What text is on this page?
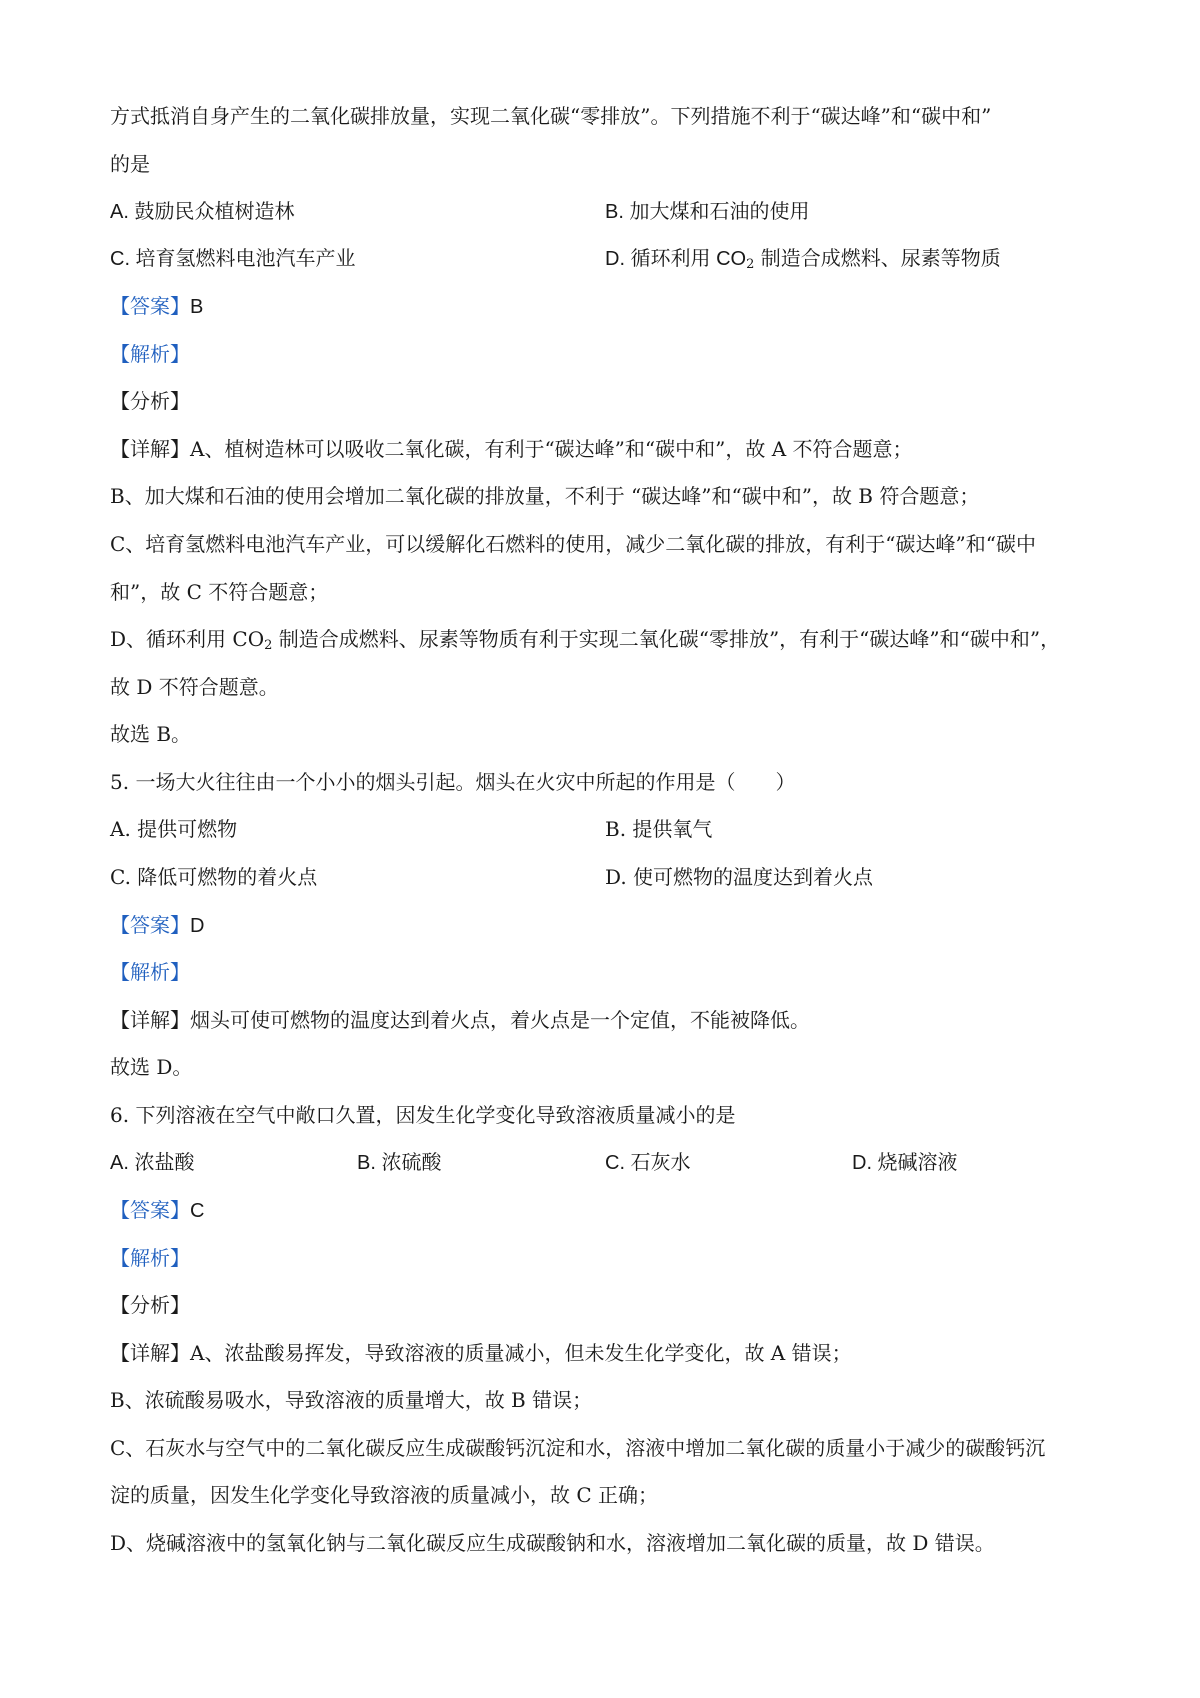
方式抵消自身产生的二氧化碳排放量，实现二氧化碳“零排放”。下列措施不利于“碳达峰”和“碳中和”
的是
A. 鼓励民众植树造林	B. 加大煤和石油的使用
C. 培育氢燃料电池汽车产业	D. 循环利用 $CO_2$ 制造合成燃料、尿素等物质
【答案】B
【解析】
【分析】
【详解】A、植树造林可以吸收二氧化碳，有利于“碳达峰”和“碳中和”，故 A 不符合题意；
B、加大煤和石油的使用会增加二氧化碳的排放量，不利于 “碳达峰”和“碳中和”，故 B 符合题意；
C、培育氢燃料电池汽车产业，可以缓解化石燃料的使用，减少二氧化碳的排放，有利于“碳达峰”和“碳中
和”，故 C 不符合题意；
D、循环利用 $CO_2$ 制造合成燃料、尿素等物质有利于实现二氧化碳“零排放”，有利于“碳达峰”和“碳中和”，
故 D 不符合题意。
故选 B。
5. 一场大火往往由一个小小的烟头引起。烟头在火灾中所起的作用是（　　）
A. 提供可燃物	B. 提供氧气
C. 降低可燃物的着火点	D. 使可燃物的温度达到着火点
【答案】D
【解析】
【详解】烟头可使可燃物的温度达到着火点，着火点是一个定值，不能被降低。
故选 D。
6. 下列溶液在空气中敞口久置，因发生化学变化导致溶液质量减小的是
A. 浓盐酸	B. 浓硫酸	C. 石灰水	D. 烧碱溶液
【答案】C
【解析】
【分析】
【详解】A、浓盐酸易挥发，导致溶液的质量减小，但未发生化学变化，故 A 错误；
B、浓硫酸易吸水，导致溶液的质量增大，故 B 错误；
C、石灰水与空气中的二氧化碳反应生成碳酸钙沉淀和水，溶液中增加二氧化碳的质量小于减少的碳酸钙沉
淀的质量，因发生化学变化导致溶液的质量减小，故 C 正确；
D、烧碱溶液中的氢氧化钠与二氧化碳反应生成碳酸钠和水，溶液增加二氧化碳的质量，故 D 错误。
